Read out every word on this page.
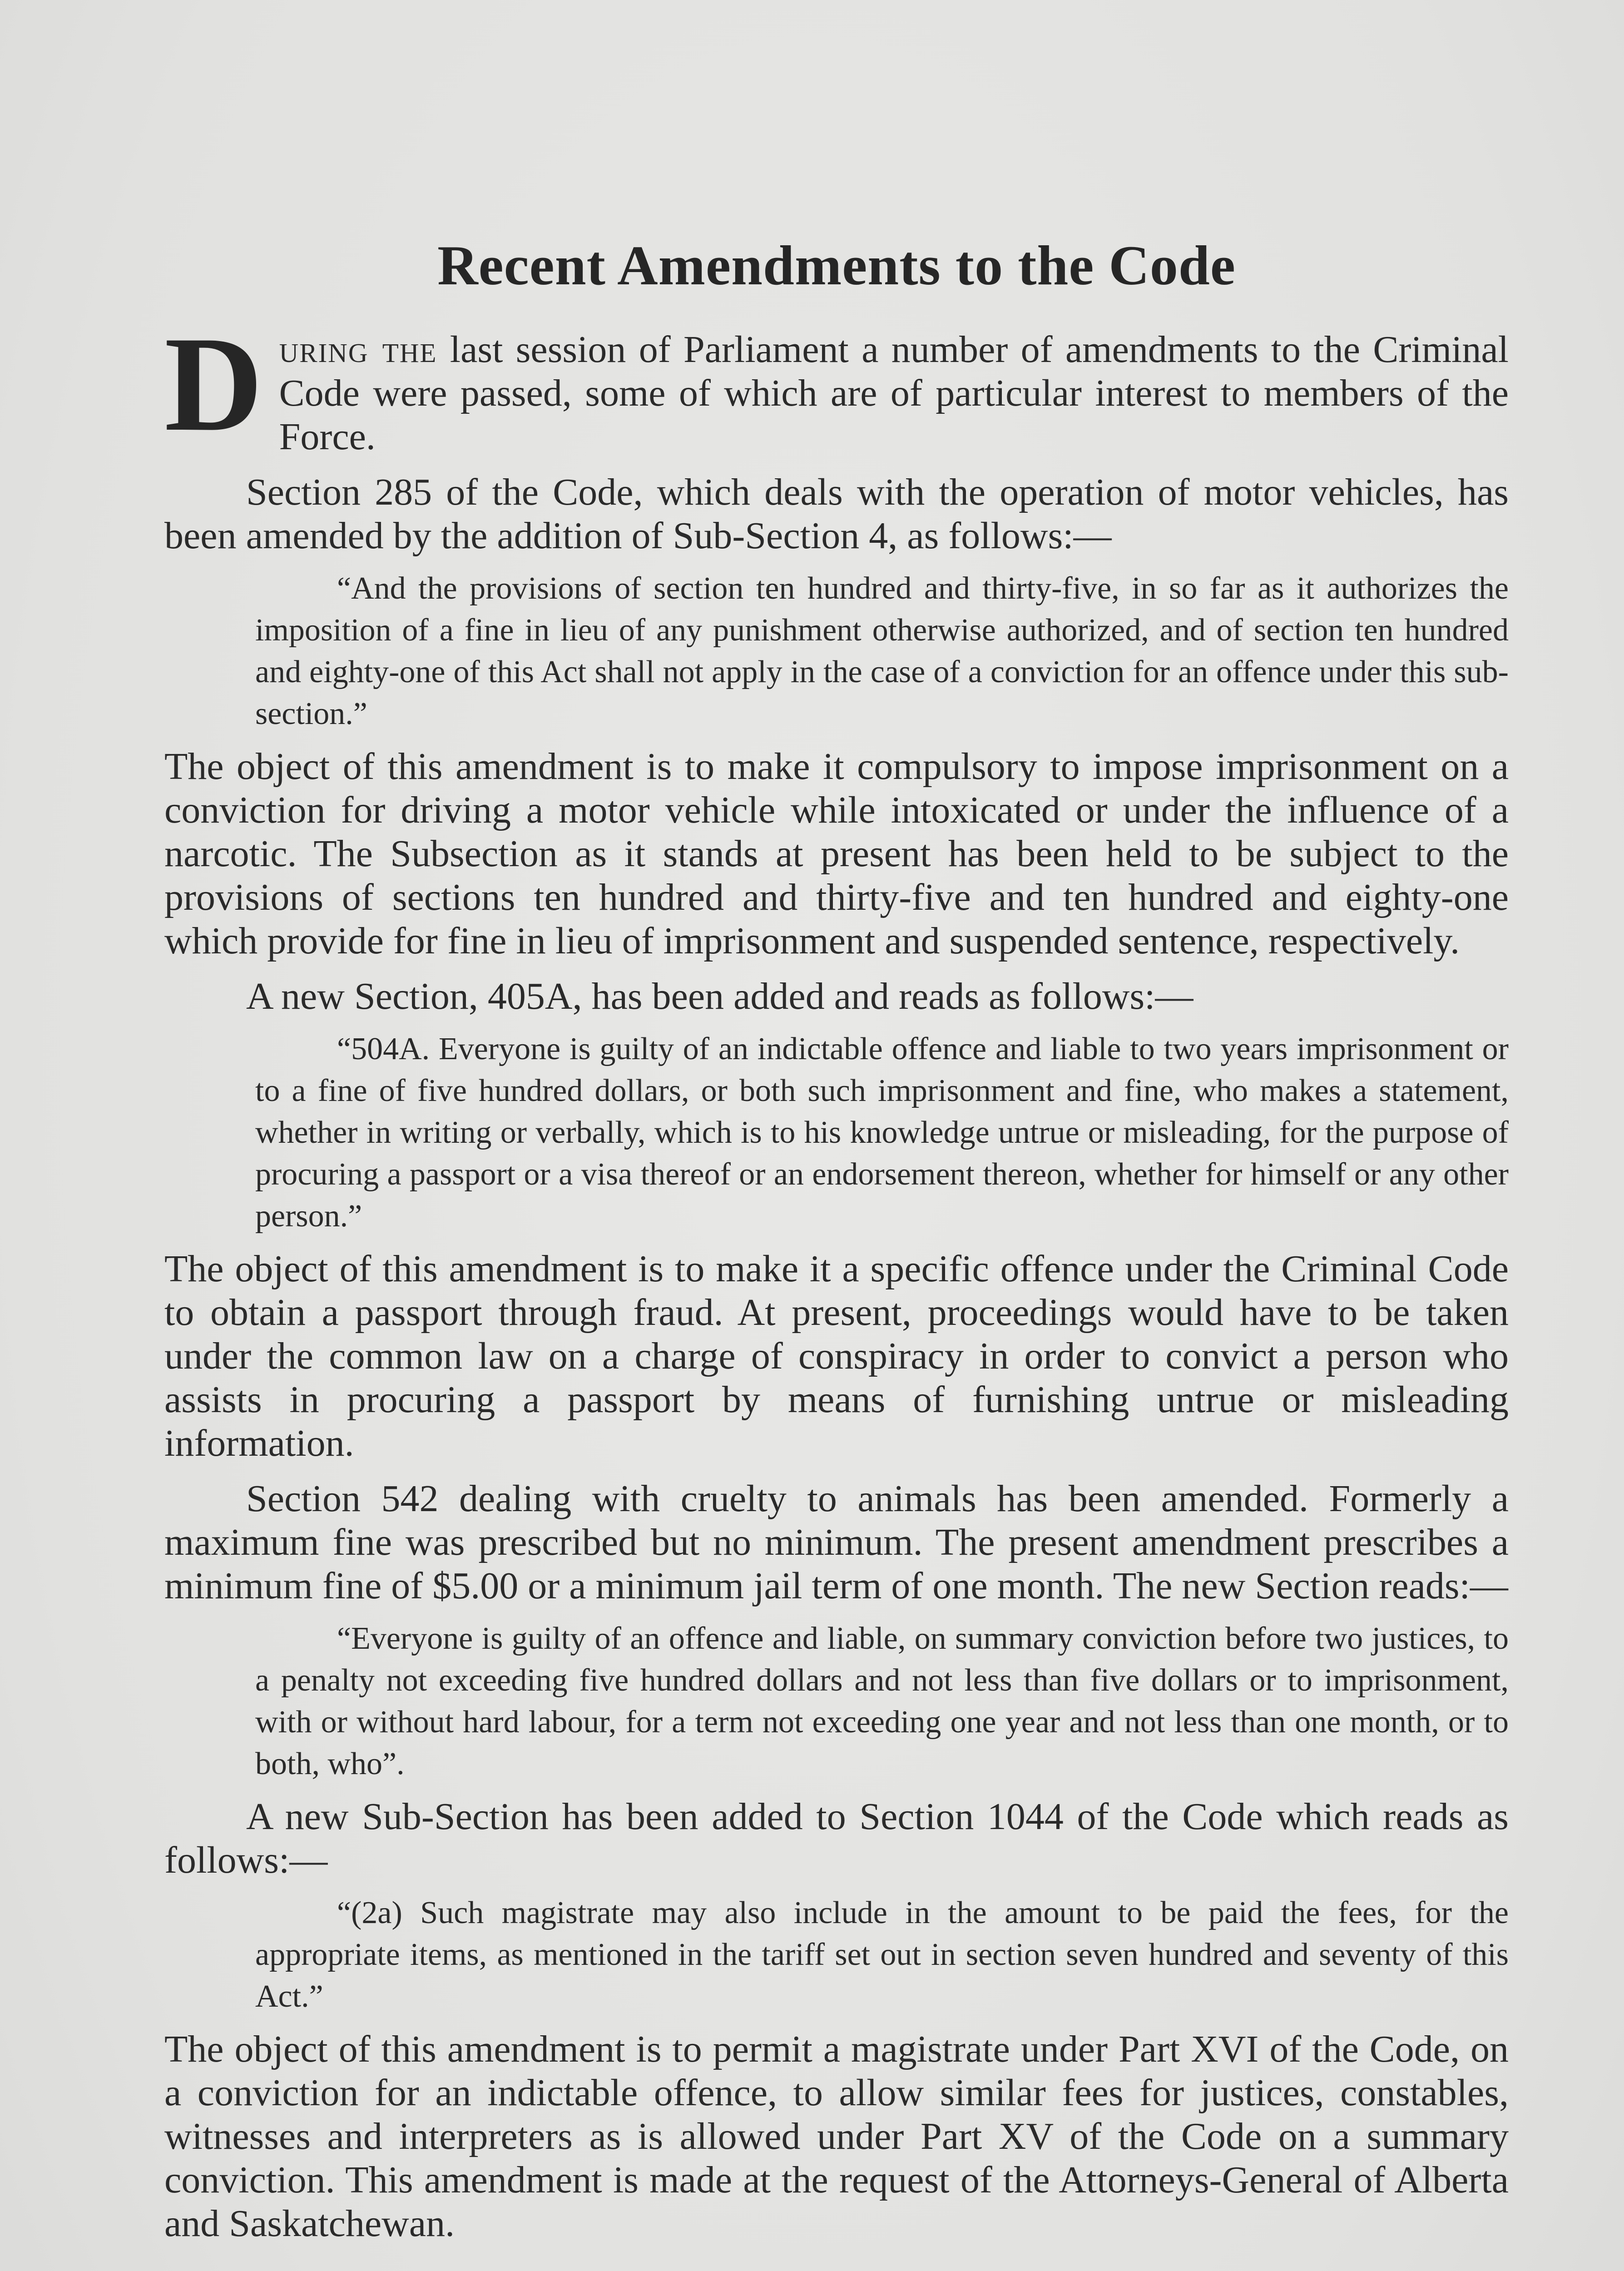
Recent Amendments to the Code

During the last session of Parliament a number of amendments to the Criminal Code were passed, some of which are of particular interest to members of the Force.

Section 285 of the Code, which deals with the operation of motor vehicles, has been amended by the addition of Sub-Section 4, as follows:—

“And the provisions of section ten hundred and thirty-five, in so far as it authorizes the imposition of a fine in lieu of any punishment otherwise authorized, and of section ten hundred and eighty-one of this Act shall not apply in the case of a conviction for an offence under this sub-section.”

The object of this amendment is to make it compulsory to impose imprisonment on a conviction for driving a motor vehicle while intoxicated or under the influence of a narcotic. The Subsection as it stands at present has been held to be subject to the provisions of sections ten hundred and thirty-five and ten hundred and eighty-one which provide for fine in lieu of imprisonment and suspended sentence, respectively.

A new Section, 405A, has been added and reads as follows:—

“504A. Everyone is guilty of an indictable offence and liable to two years imprisonment or to a fine of five hundred dollars, or both such imprisonment and fine, who makes a statement, whether in writing or verbally, which is to his knowledge untrue or misleading, for the purpose of procuring a passport or a visa thereof or an endorsement thereon, whether for himself or any other person.”

The object of this amendment is to make it a specific offence under the Criminal Code to obtain a passport through fraud. At present, proceedings would have to be taken under the common law on a charge of conspiracy in order to convict a person who assists in procuring a passport by means of furnishing untrue or misleading information.

Section 542 dealing with cruelty to animals has been amended. Formerly a maximum fine was prescribed but no minimum. The present amendment prescribes a minimum fine of $5.00 or a minimum jail term of one month. The new Section reads:—

“Everyone is guilty of an offence and liable, on summary conviction before two justices, to a penalty not exceeding five hundred dollars and not less than five dollars or to imprisonment, with or without hard labour, for a term not exceeding one year and not less than one month, or to both, who”.

A new Sub-Section has been added to Section 1044 of the Code which reads as follows:—

“(2a) Such magistrate may also include in the amount to be paid the fees, for the appropriate items, as mentioned in the tariff set out in section seven hundred and seventy of this Act.”

The object of this amendment is to permit a magistrate under Part XVI of the Code, on a conviction for an indictable offence, to allow similar fees for justices, constables, witnesses and interpreters as is allowed under Part XV of the Code on a summary conviction. This amendment is made at the request of the Attorneys-General of Alberta and Saskatchewan.
